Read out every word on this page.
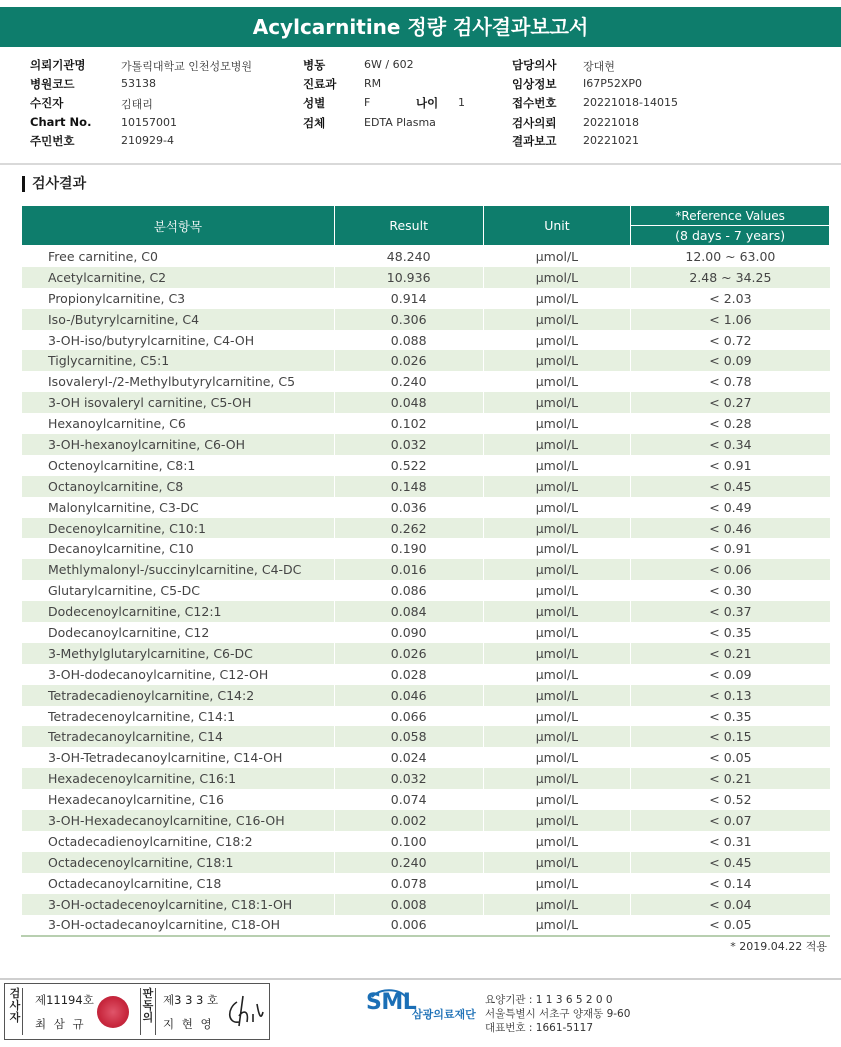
Acylcarnitine 정량 검사결과보고서
의뢰기관명	가톨릭대학교 인천성모병원	병동	6W / 602	담당의사 장대현
병원코드	53138	진료과	RM	임상정보 I67P52XP0
수진자	김태리	성별	F	나이 1	접수번호 20221018-14015
Chart No.	10157001	검체	EDTA Plasma	검사의뢰 20221018
주민번호	210929-4	결과보고 20221021
검사결과
분석항목	Result	Unit	*Reference Values
			(8 days - 7 years)
Free carnitine, C0	48.240	μmol/L	12.00 ~ 63.00
Acetylcarnitine, C2	10.936	μmol/L	2.48 ~ 34.25
Propionylcarnitine, C3	0.914	μmol/L	< 2.03
Iso-/Butyrylcarnitine, C4	0.306	μmol/L	< 1.06
3-OH-iso/butyrylcarnitine, C4-OH	0.088	μmol/L	< 0.72
Tiglycarnitine, C5:1	0.026	μmol/L	< 0.09
Isovaleryl-/2-Methylbutyrylcarnitine, C5	0.240	μmol/L	< 0.78
3-OH isovaleryl carnitine, C5-OH	0.048	μmol/L	< 0.27
Hexanoylcarnitine, C6	0.102	μmol/L	< 0.28
3-OH-hexanoylcarnitine, C6-OH	0.032	μmol/L	< 0.34
Octenoylcarnitine, C8:1	0.522	μmol/L	< 0.91
Octanoylcarnitine, C8	0.148	μmol/L	< 0.45
Malonylcarnitine, C3-DC	0.036	μmol/L	< 0.49
Decenoylcarnitine, C10:1	0.262	μmol/L	< 0.46
Decanoylcarnitine, C10	0.190	μmol/L	< 0.91
Methlymalonyl-/succinylcarnitine, C4-DC	0.016	μmol/L	< 0.06
Glutarylcarnitine, C5-DC	0.086	μmol/L	< 0.30
Dodecenoylcarnitine, C12:1	0.084	μmol/L	< 0.37
Dodecanoylcarnitine, C12	0.090	μmol/L	< 0.35
3-Methylglutarylcarnitine, C6-DC	0.026	μmol/L	< 0.21
3-OH-dodecanoylcarnitine, C12-OH	0.028	μmol/L	< 0.09
Tetradecadienoylcarnitine, C14:2	0.046	μmol/L	< 0.13
Tetradecenoylcarnitine, C14:1	0.066	μmol/L	< 0.35
Tetradecanoylcarnitine, C14	0.058	μmol/L	< 0.15
3-OH-Tetradecanoylcarnitine, C14-OH	0.024	μmol/L	< 0.05
Hexadecenoylcarnitine, C16:1	0.032	μmol/L	< 0.21
Hexadecanoylcarnitine, C16	0.074	μmol/L	< 0.52
3-OH-Hexadecanoylcarnitine, C16-OH	0.002	μmol/L	< 0.07
Octadecadienoylcarnitine, C18:2	0.100	μmol/L	< 0.31
Octadecenoylcarnitine, C18:1	0.240	μmol/L	< 0.45
Octadecanoylcarnitine, C18	0.078	μmol/L	< 0.14
3-OH-octadecenoylcarnitine, C18:1-OH	0.008	μmol/L	< 0.04
3-OH-octadecanoylcarnitine, C18-OH	0.006	μmol/L	< 0.05
* 2019.04.22 적용
검사자
제11194호
최 삼 규
판독의
제3 3 3 호
지 현 영
SML
삼광의료재단
요양기관 : 1 1 3 6 5 2 0 0
서울특별시 서초구 양재동 9-60
대표번호 : 1661-5117
